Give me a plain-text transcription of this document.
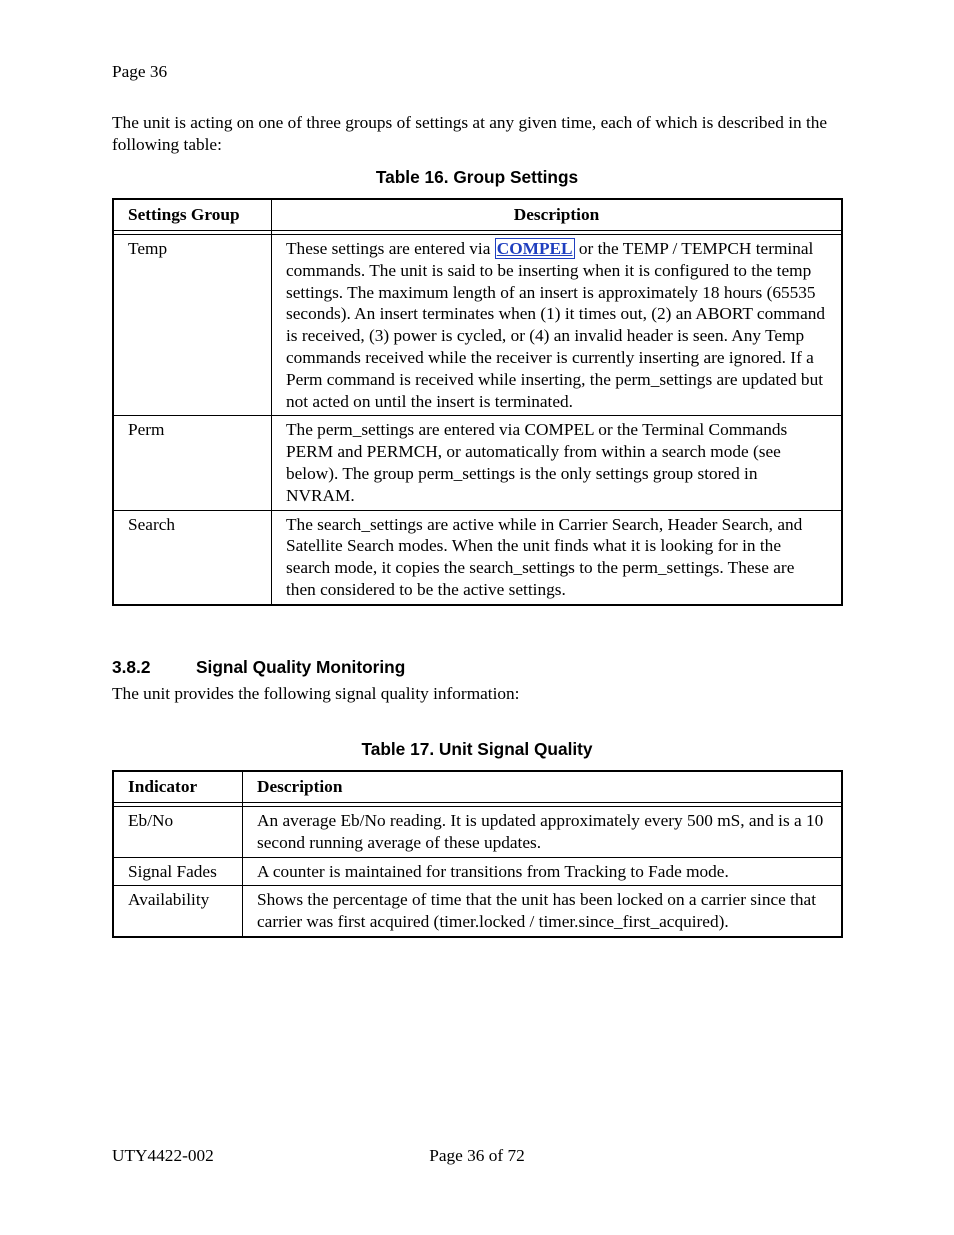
Page 36
The unit is acting on one of three groups of settings at any given time, each of which is described in the following table:
Table 16. Group Settings
Settings Group	Description

Temp	These settings are entered via COMPEL or the TEMP / TEMPCH terminal commands. The unit is said to be inserting when it is configured to the temp settings. The maximum length of an insert is approximately 18 hours (65535 seconds). An insert terminates when (1) it times out, (2) an ABORT command is received, (3) power is cycled, or (4) an invalid header is seen. Any Temp commands received while the receiver is currently inserting are ignored. If a Perm command is received while inserting, the perm_settings are updated but not acted on until the insert is terminated.
Perm	The perm_settings are entered via COMPEL or the Terminal Commands PERM and PERMCH, or automatically from within a search mode (see below). The group perm_settings is the only settings group stored in NVRAM.
Search	The search_settings are active while in Carrier Search, Header Search, and Satellite Search modes. When the unit finds what it is looking for in the search mode, it copies the search_settings to the perm_settings. These are then considered to be the active settings.
3.8.2	Signal Quality Monitoring
The unit provides the following signal quality information:
Table 17. Unit Signal Quality
Indicator	Description

Eb/No	An average Eb/No reading. It is updated approximately every 500 mS, and is a 10 second running average of these updates.
Signal Fades	A counter is maintained for transitions from Tracking to Fade mode.
Availability	Shows the percentage of time that the unit has been locked on a carrier since that carrier was first acquired (timer.locked / timer.since_first_acquired).
UTY4422-002	Page 36 of 72
